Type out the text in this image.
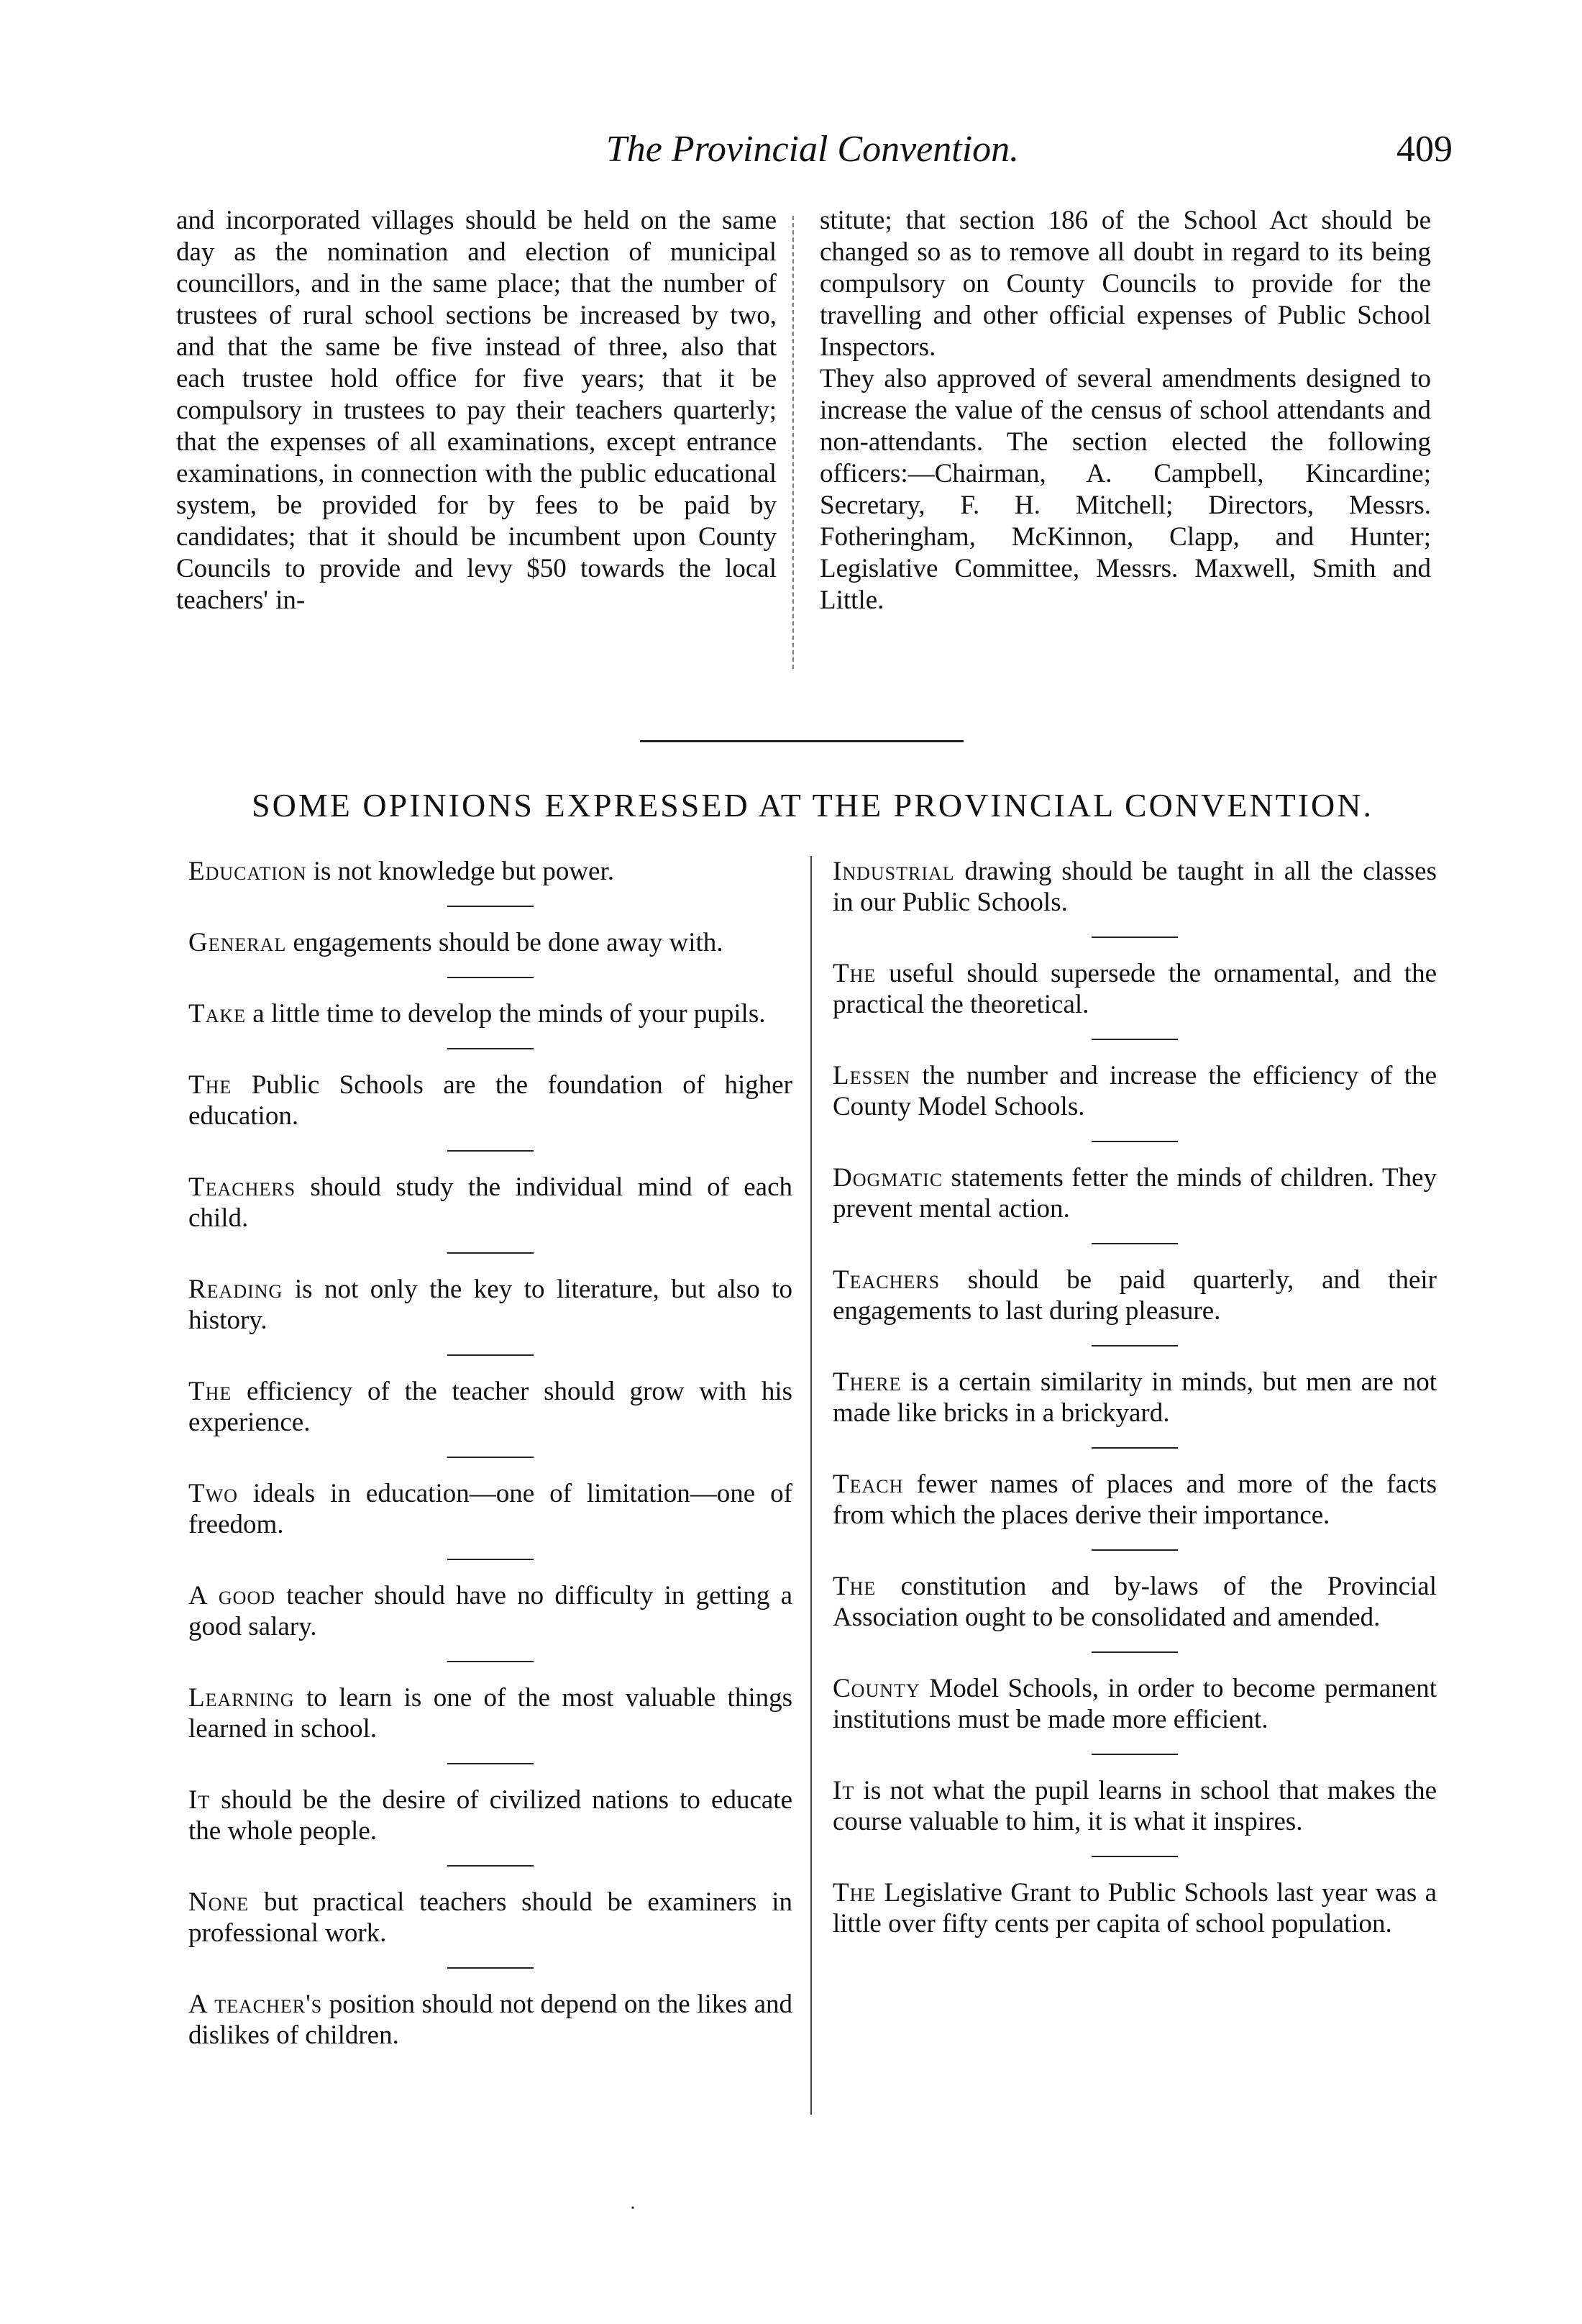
The Provincial Convention.	409

and incorporated villages should be held on the same day as the nomination and election of municipal councillors, and in the same place; that the number of trustees of rural school sections be increased by two, and that the same be five instead of three, also that each trustee hold office for five years; that it be compulsory in trustees to pay their teachers quarterly; that the expenses of all examinations, except entrance examinations, in connection with the public educational system, be provided for by fees to be paid by candidates; that it should be incumbent upon County Councils to provide and levy $50 towards the local teachers' in-

stitute; that section 186 of the School Act should be changed so as to remove all doubt in regard to its being compulsory on County Councils to provide for the travelling and other official expenses of Public School Inspectors.

They also approved of several amendments designed to increase the value of the census of school attendants and non-attendants. The section elected the following officers:—Chairman, A. Campbell, Kincardine; Secretary, F. H. Mitchell; Directors, Messrs. Fotheringham, McKinnon, Clapp, and Hunter; Legislative Committee, Messrs. Maxwell, Smith and Little.

SOME OPINIONS EXPRESSED AT THE PROVINCIAL CONVENTION.
Education is not knowledge but power.
General engagements should be done away with.
Take a little time to develop the minds of your pupils.
The Public Schools are the foundation of higher education.
Teachers should study the individual mind of each child.
Reading is not only the key to literature, but also to history.
The efficiency of the teacher should grow with his experience.
Two ideals in education—one of limitation—one of freedom.
A good teacher should have no difficulty in getting a good salary.
Learning to learn is one of the most valuable things learned in school.
It should be the desire of civilized nations to educate the whole people.
None but practical teachers should be examiners in professional work.
A teacher's position should not depend on the likes and dislikes of children.
Industrial drawing should be taught in all the classes in our Public Schools.
The useful should supersede the ornamental, and the practical the theoretical.
Lessen the number and increase the efficiency of the County Model Schools.
Dogmatic statements fetter the minds of children. They prevent mental action.
Teachers should be paid quarterly, and their engagements to last during pleasure.
There is a certain similarity in minds, but men are not made like bricks in a brickyard.
Teach fewer names of places and more of the facts from which the places derive their importance.
The constitution and by-laws of the Provincial Association ought to be consolidated and amended.
County Model Schools, in order to become permanent institutions must be made more efficient.
It is not what the pupil learns in school that makes the course valuable to him, it is what it inspires.
The Legislative Grant to Public Schools last year was a little over fifty cents per capita of school population.
·
